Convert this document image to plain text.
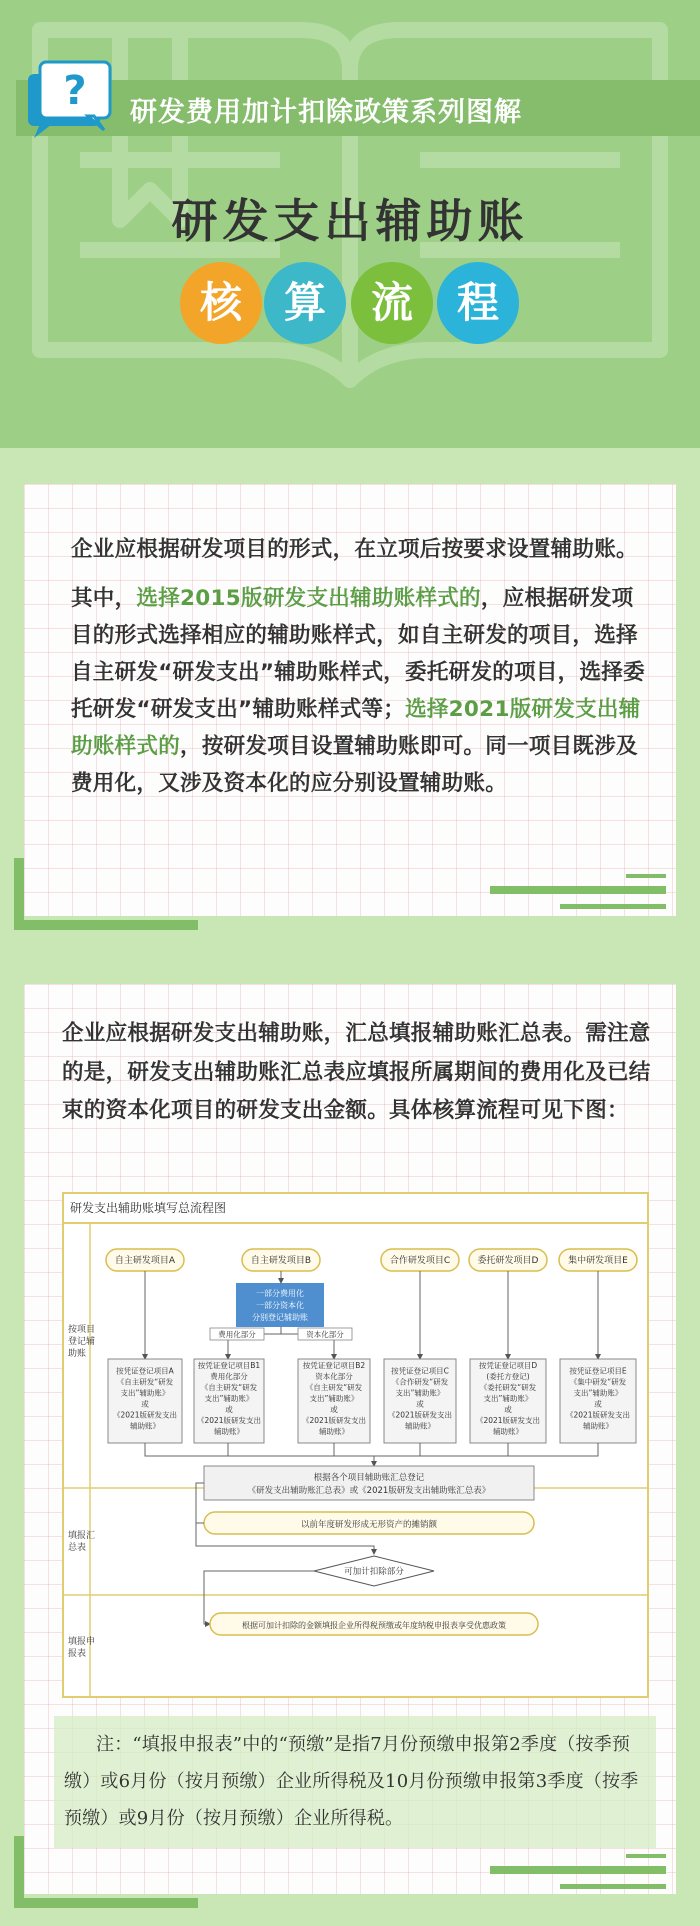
? 研发费用加计扣除政策系列图解
研发支出辅助账
核 算	流	程
企业应根据研发项目的形式，在立项后按要求设置辅助账。
其中，选择2015版研发支出辅助账样式的，应根据研发项目的形式选择相应的辅助账样式，如自主研发的项目，选择自主研发“研发支出”辅助账样式，委托研发的项目，选择委托研发“研发支出”辅助账样式等；选择2021版研发支出辅助账样式的，按研发项目设置辅助账即可。同一项目既涉及费用化，又涉及资本化的应分别设置辅助账。
企业应根据研发支出辅助账，汇总填报辅助账汇总表。需注意的是，研发支出辅助账汇总表应填报所属期间的费用化及已结束的资本化项目的研发支出金额。具体核算流程可见下图：
研发支出辅助账填写总流程图
按项目登记辅助账
填报汇总表
填报申报表
自主研发项目A	自主研发项目B	合作研发项目C	委托研发项目D	集中研发项目E
一部分费用化
一部分资本化
分别登记辅助账
费用化部分	资本化部分
按凭证登记项目A 《自主研发“研发支出”辅助账》或《2021版研发支出辅助账》
按凭证登记项目B1 费用化部分《自主研发“研发支出”辅助账》或《2021版研发支出辅助账》
按凭证登记项目B2 资本化部分《自主研发“研发支出”辅助账》或《2021版研发支出辅助账》
按凭证登记项目C 《合作研发“研发支出”辅助账》或《2021版研发支出辅助账》
按凭证登记项目D (委托方登记)《委托研发“研发支出”辅助账》或《2021版研发支出辅助账》
按凭证登记项目E 《集中研发“研发支出”辅助账》或《2021版研发支出辅助账》
根据各个项目辅助账汇总登记
《研发支出辅助账汇总表》或《2021版研发支出辅助账汇总表》
以前年度研发形成无形资产的摊销额
可加计扣除部分
根据可加计扣除的金额填报企业所得税预缴或年度纳税申报表享受优惠政策
注：“填报申报表”中的“预缴”是指7月份预缴申报第2季度（按季预缴）或6月份（按月预缴）企业所得税及10月份预缴申报第3季度（按季预缴）或9月份（按月预缴）企业所得税。
